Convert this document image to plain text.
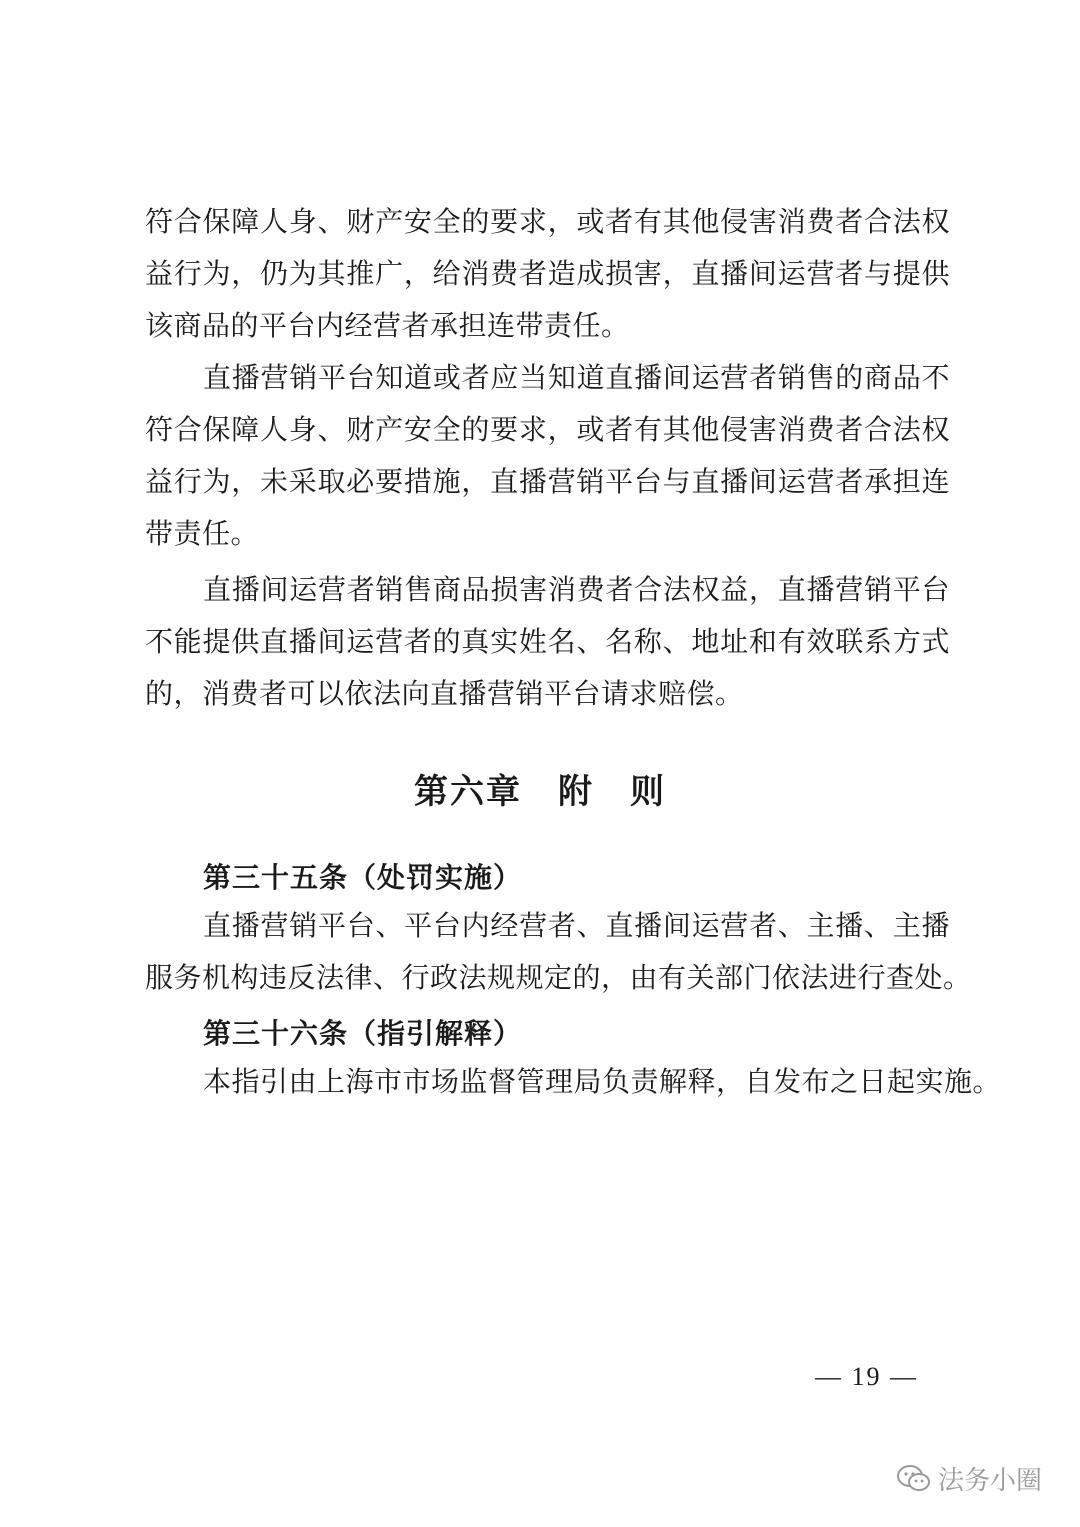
符合保障人身、财产安全的要求，或者有其他侵害消费者合法权
益行为，仍为其推广，给消费者造成损害，直播间运营者与提供
该商品的平台内经营者承担连带责任。
直播营销平台知道或者应当知道直播间运营者销售的商品不
符合保障人身、财产安全的要求，或者有其他侵害消费者合法权
益行为，未采取必要措施，直播营销平台与直播间运营者承担连
带责任。
直播间运营者销售商品损害消费者合法权益，直播营销平台
不能提供直播间运营者的真实姓名、名称、地址和有效联系方式
的，消费者可以依法向直播营销平台请求赔偿。
第六章 附　则
第三十五条（处罚实施）
直播营销平台、平台内经营者、直播间运营者、主播、主播
服务机构违反法律、行政法规规定的，由有关部门依法进行查处。
第三十六条（指引解释）
本指引由上海市市场监督管理局负责解释，自发布之日起实施。
— 19 —
法务小圈
